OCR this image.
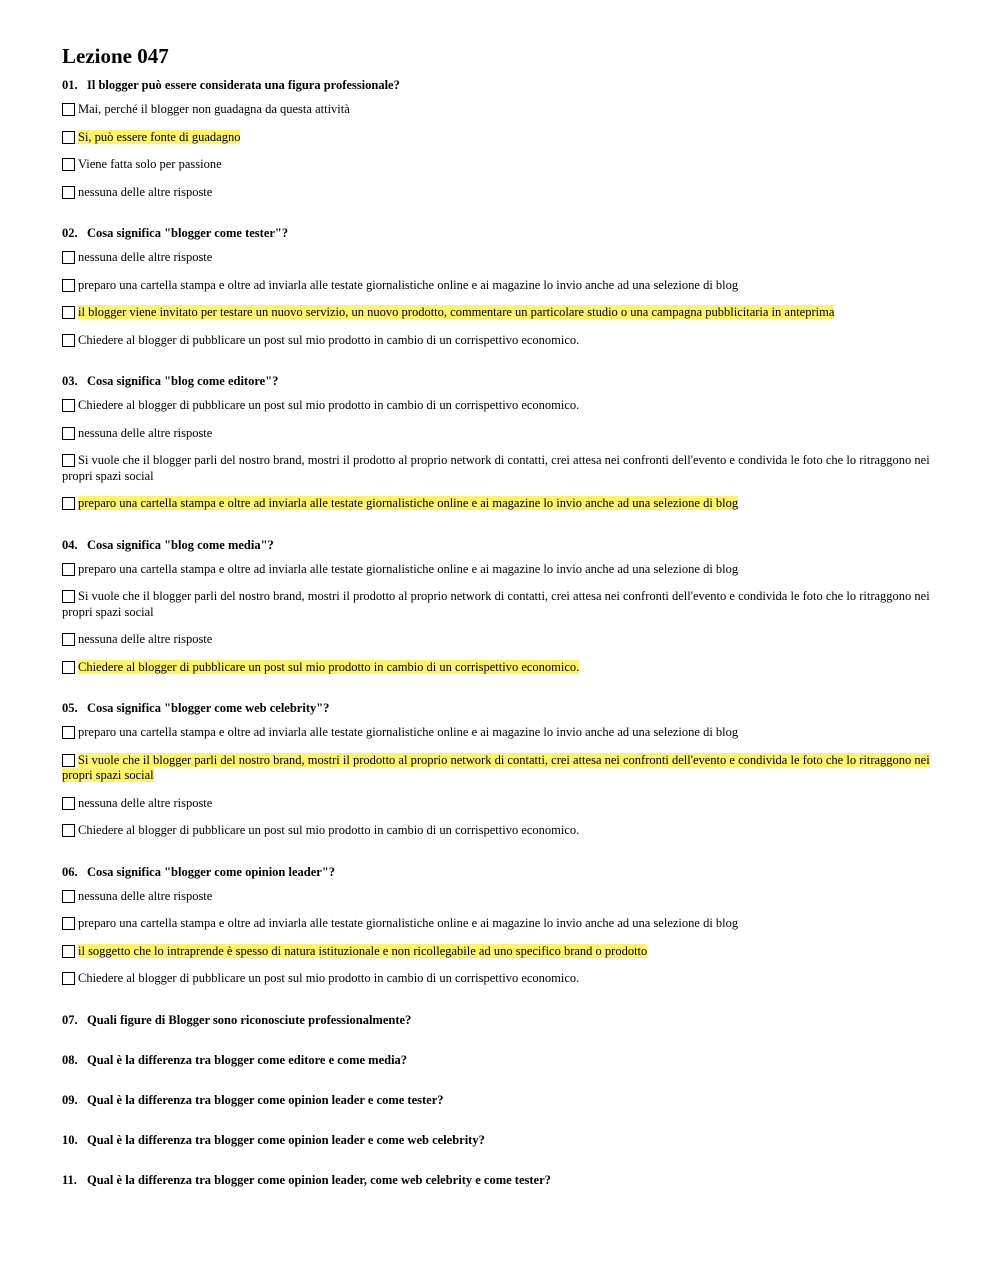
Lezione 047
01. Il blogger può essere considerata una figura professionale?
Mai, perché il blogger non guadagna da questa attività
Si, può essere fonte di guadagno
Viene fatta solo per passione
nessuna delle altre risposte
02. Cosa significa "blogger come tester"?
nessuna delle altre risposte
preparo una cartella stampa e oltre ad inviarla alle testate giornalistiche online e ai magazine lo invio anche ad una selezione di blog
il blogger viene invitato per testare un nuovo servizio, un nuovo prodotto, commentare un particolare studio o una campagna pubblicitaria in anteprima
Chiedere al blogger di pubblicare un post sul mio prodotto in cambio di un corrispettivo economico.
03. Cosa significa "blog come editore"?
Chiedere al blogger di pubblicare un post sul mio prodotto in cambio di un corrispettivo economico.
nessuna delle altre risposte
Si vuole che il blogger parli del nostro brand, mostri il prodotto al proprio network di contatti, crei attesa nei confronti dell'evento e condivida le foto che lo ritraggono nei propri spazi social
preparo una cartella stampa e oltre ad inviarla alle testate giornalistiche online e ai magazine lo invio anche ad una selezione di blog
04. Cosa significa "blog come media"?
preparo una cartella stampa e oltre ad inviarla alle testate giornalistiche online e ai magazine lo invio anche ad una selezione di blog
Si vuole che il blogger parli del nostro brand, mostri il prodotto al proprio network di contatti, crei attesa nei confronti dell'evento e condivida le foto che lo ritraggono nei propri spazi social
nessuna delle altre risposte
Chiedere al blogger di pubblicare un post sul mio prodotto in cambio di un corrispettivo economico.
05. Cosa significa "blogger come web celebrity"?
preparo una cartella stampa e oltre ad inviarla alle testate giornalistiche online e ai magazine lo invio anche ad una selezione di blog
Si vuole che il blogger parli del nostro brand, mostri il prodotto al proprio network di contatti, crei attesa nei confronti dell'evento e condivida le foto che lo ritraggono nei propri spazi social
nessuna delle altre risposte
Chiedere al blogger di pubblicare un post sul mio prodotto in cambio di un corrispettivo economico.
06. Cosa significa "blogger come opinion leader"?
nessuna delle altre risposte
preparo una cartella stampa e oltre ad inviarla alle testate giornalistiche online e ai magazine lo invio anche ad una selezione di blog
il soggetto che lo intraprende è spesso di natura istituzionale e non ricollegabile ad uno specifico brand o prodotto
Chiedere al blogger di pubblicare un post sul mio prodotto in cambio di un corrispettivo economico.
07. Quali figure di Blogger sono riconosciute professionalmente?
08. Qual è la differenza tra blogger come editore e come media?
09. Qual è la differenza tra blogger come opinion leader e come tester?
10. Qual è la differenza tra blogger come opinion leader e come web celebrity?
11. Qual è la differenza tra blogger come opinion leader, come web celebrity e come tester?
